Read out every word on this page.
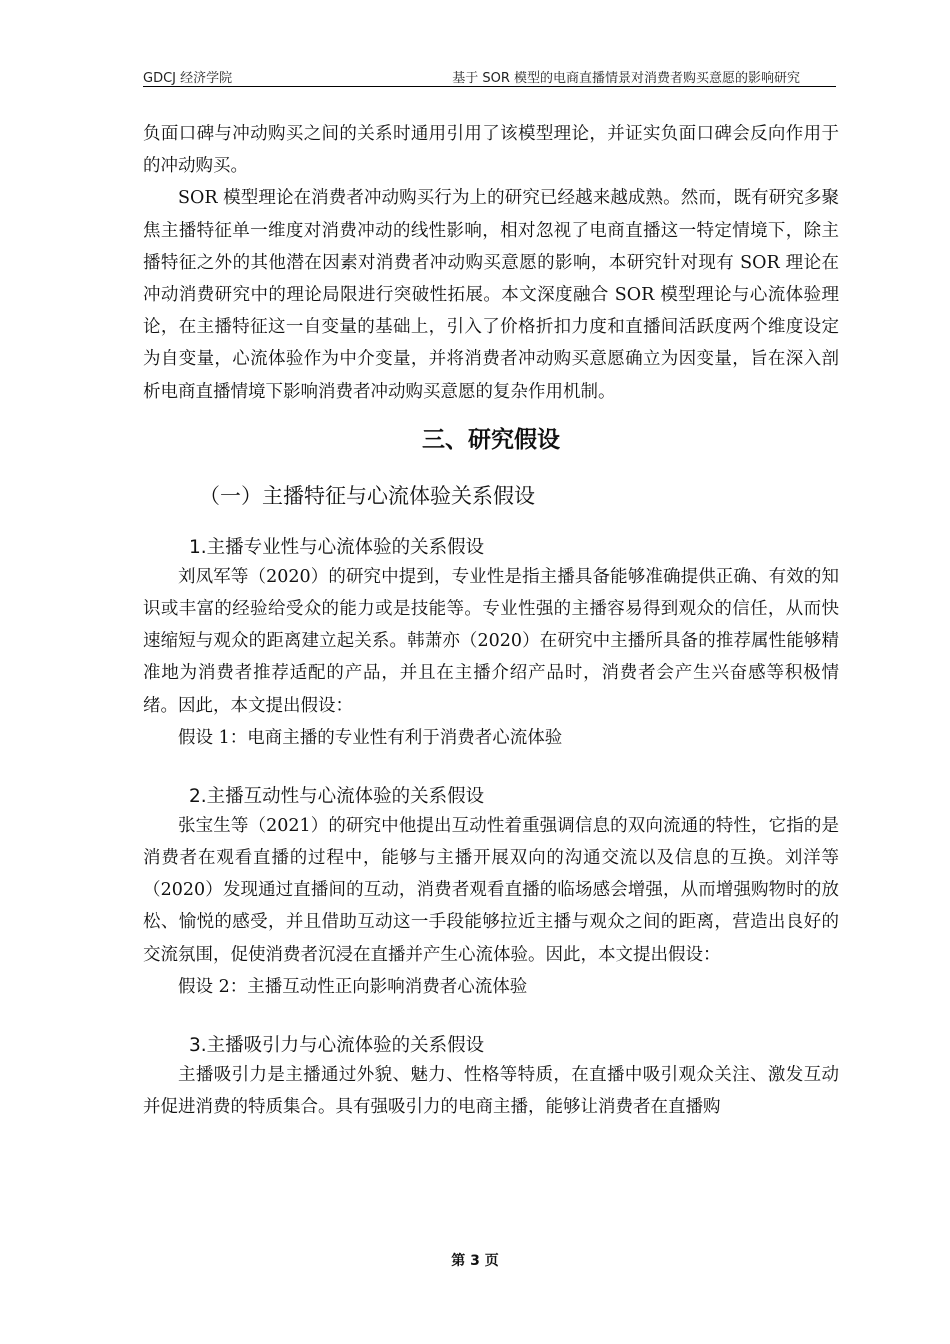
GDCJ 经济学院	基于 SOR 模型的电商直播情景对消费者购买意愿的影响研究

负面口碑与冲动购买之间的关系时通用引用了该模型理论，并证实负面口碑会反向作用于的冲动购买。

SOR 模型理论在消费者冲动购买行为上的研究已经越来越成熟。然而，既有研究多聚焦主播特征单一维度对消费冲动的线性影响，相对忽视了电商直播这一特定情境下，除主播特征之外的其他潜在因素对消费者冲动购买意愿的影响，本研究针对现有 SOR 理论在冲动消费研究中的理论局限进行突破性拓展。本文深度融合 SOR 模型理论与心流体验理论，在主播特征这一自变量的基础上，引入了价格折扣力度和直播间活跃度两个维度设定为自变量，心流体验作为中介变量，并将消费者冲动购买意愿确立为因变量，旨在深入剖析电商直播情境下影响消费者冲动购买意愿的复杂作用机制。

三、研究假设
（一）主播特征与心流体验关系假设
1.主播专业性与心流体验的关系假设

刘凤军等（2020）的研究中提到，专业性是指主播具备能够准确提供正确、有效的知识或丰富的经验给受众的能力或是技能等。专业性强的主播容易得到观众的信任，从而快速缩短与观众的距离建立起关系。韩萧亦（2020）在研究中主播所具备的推荐属性能够精准地为消费者推荐适配的产品，并且在主播介绍产品时，消费者会产生兴奋感等积极情绪。因此，本文提出假设：

假设 1：电商主播的专业性有利于消费者心流体验

2.主播互动性与心流体验的关系假设

张宝生等（2021）的研究中他提出互动性着重强调信息的双向流通的特性，它指的是消费者在观看直播的过程中，能够与主播开展双向的沟通交流以及信息的互换。刘洋等（2020）发现通过直播间的互动，消费者观看直播的临场感会增强，从而增强购物时的放松、愉悦的感受，并且借助互动这一手段能够拉近主播与观众之间的距离，营造出良好的交流氛围，促使消费者沉浸在直播并产生心流体验。因此，本文提出假设：

假设 2：主播互动性正向影响消费者心流体验

3.主播吸引力与心流体验的关系假设

主播吸引力是主播通过外貌、魅力、性格等特质，在直播中吸引观众关注、激发互动并促进消费的特质集合。具有强吸引力的电商主播，能够让消费者在直播购

第 3 页
